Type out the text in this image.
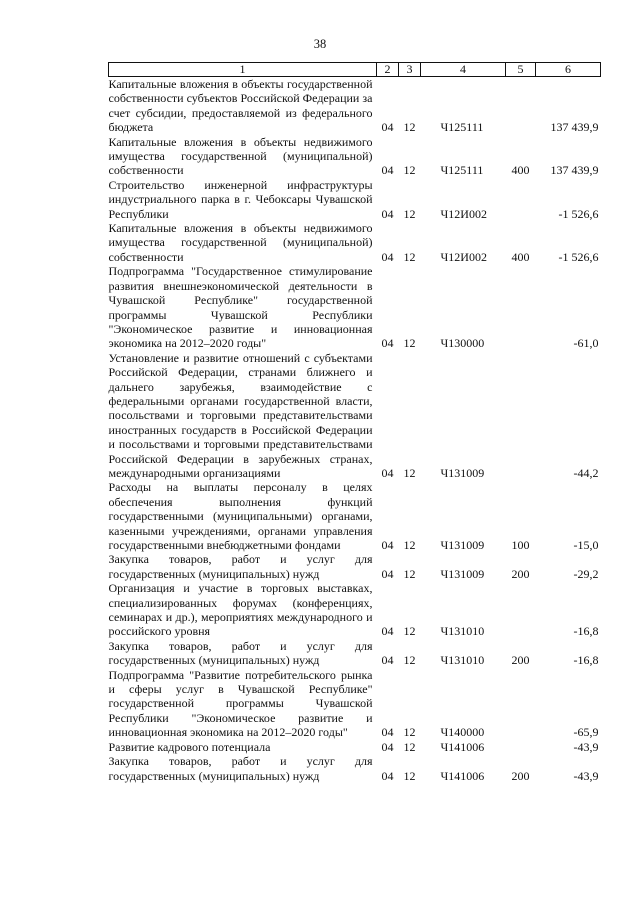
38
1	2	3	4	5	6
Капитальные вложения в объекты государственной собственности субъектов Российской Федерации за счет субсидии, предоставляемой из федерального бюджета	04	12	Ч125111		137 439,9
Капитальные вложения в объекты недвижимого имущества государственной (муниципальной) собственности	04	12	Ч125111	400	137 439,9
Строительство инженерной инфраструктуры индустриального парка в г. Чебоксары Чувашской Республики	04	12	Ч12И002		-1 526,6
Капитальные вложения в объекты недвижимого имущества государственной (муниципальной) собственности	04	12	Ч12И002	400	-1 526,6
Подпрограмма "Государственное стимулирование развития внешнеэкономической деятельности в Чувашской Республике" государственной программы Чувашской Республики "Экономическое развитие и инновационная экономика на 2012–2020 годы"	04	12	Ч130000		-61,0
Установление и развитие отношений с субъектами Российской Федерации, странами ближнего и дальнего зарубежья, взаимодействие с федеральными органами государственной власти, посольствами и торговыми представительствами иностранных государств в Российской Федерации и посольствами и торговыми представительствами Российской Федерации в зарубежных странах, международными организациями	04	12	Ч131009		-44,2
Расходы на выплаты персоналу в целях обеспечения выполнения функций государственными (муниципальными) органами, казенными учреждениями, органами управления государственными внебюджетными фондами	04	12	Ч131009	100	-15,0
Закупка товаров, работ и услуг для государственных (муниципальных) нужд	04	12	Ч131009	200	-29,2
Организация и участие в торговых выставках, специализированных форумах (конференциях, семинарах и др.), мероприятиях международного и российского уровня	04	12	Ч131010		-16,8
Закупка товаров, работ и услуг для государственных (муниципальных) нужд	04	12	Ч131010	200	-16,8
Подпрограмма "Развитие потребительского рынка и сферы услуг в Чувашской Республике" государственной программы Чувашской Республики "Экономическое развитие и инновационная экономика на 2012–2020 годы"	04	12	Ч140000		-65,9
Развитие кадрового потенциала	04	12	Ч141006		-43,9
Закупка товаров, работ и услуг для государственных (муниципальных) нужд	04	12	Ч141006	200	-43,9
